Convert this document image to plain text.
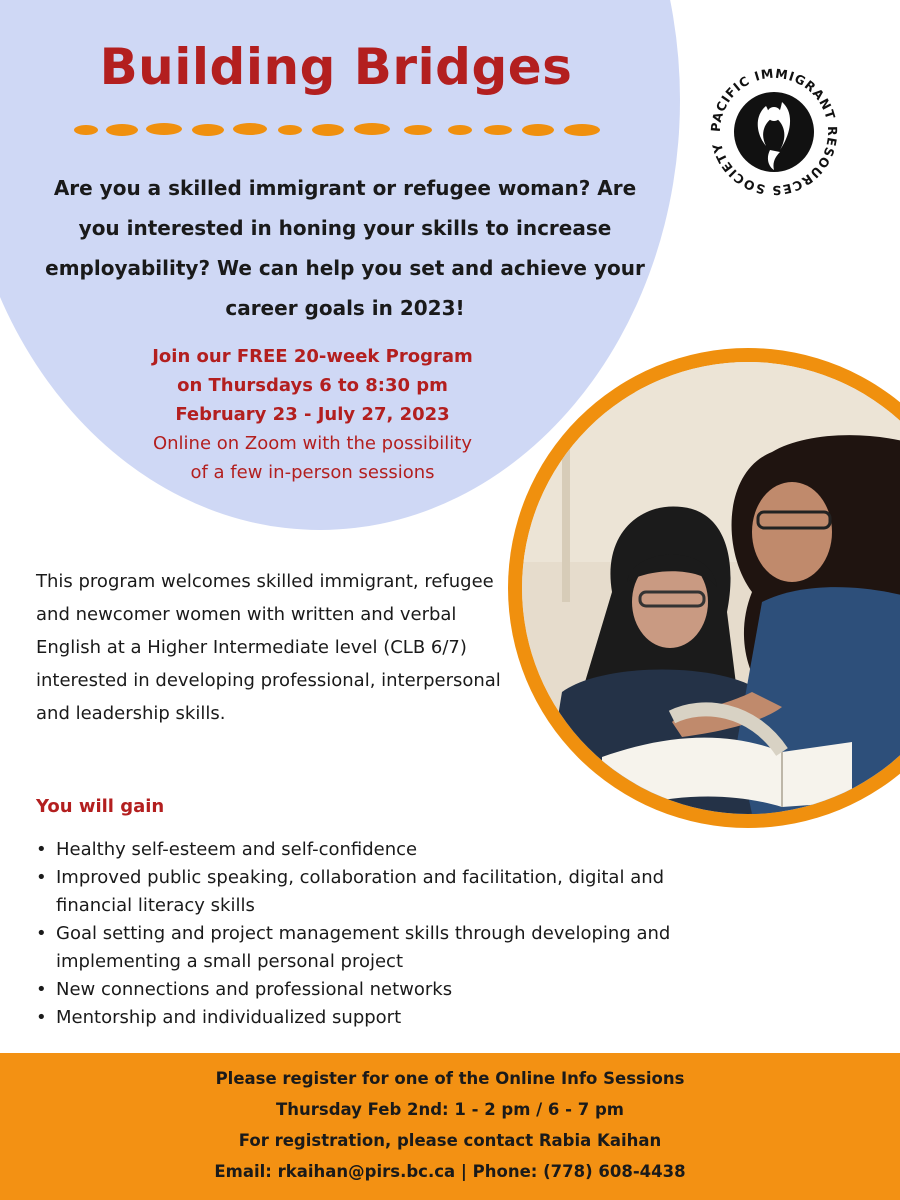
Building Bridges

Are you a skilled immigrant or refugee woman? Are you interested in honing your skills to increase employability? We can help you set and achieve your career goals in 2023!

Join our FREE 20-week Program
on Thursdays 6 to 8:30 pm
February 23 - July 27, 2023
Online on Zoom with the possibility
of a few in-person sessions
PACIFIC IMMIGRANT RESOURCES SOCIETY

This program welcomes skilled immigrant, refugee and newcomer women with written and verbal English at a Higher Intermediate level (CLB 6/7) interested in developing professional, interpersonal and leadership skills.

You will gain
• Healthy self-esteem and self-confidence
• Improved public speaking, collaboration and facilitation, digital and financial literacy skills
• Goal setting and project management skills through developing and implementing a small personal project
• New connections and professional networks
• Mentorship and individualized support
Please register for one of the Online Info Sessions
Thursday Feb 2nd: 1 - 2 pm / 6 - 7 pm
For registration, please contact Rabia Kaihan
Email: rkaihan@pirs.bc.ca | Phone: (778) 608-4438
